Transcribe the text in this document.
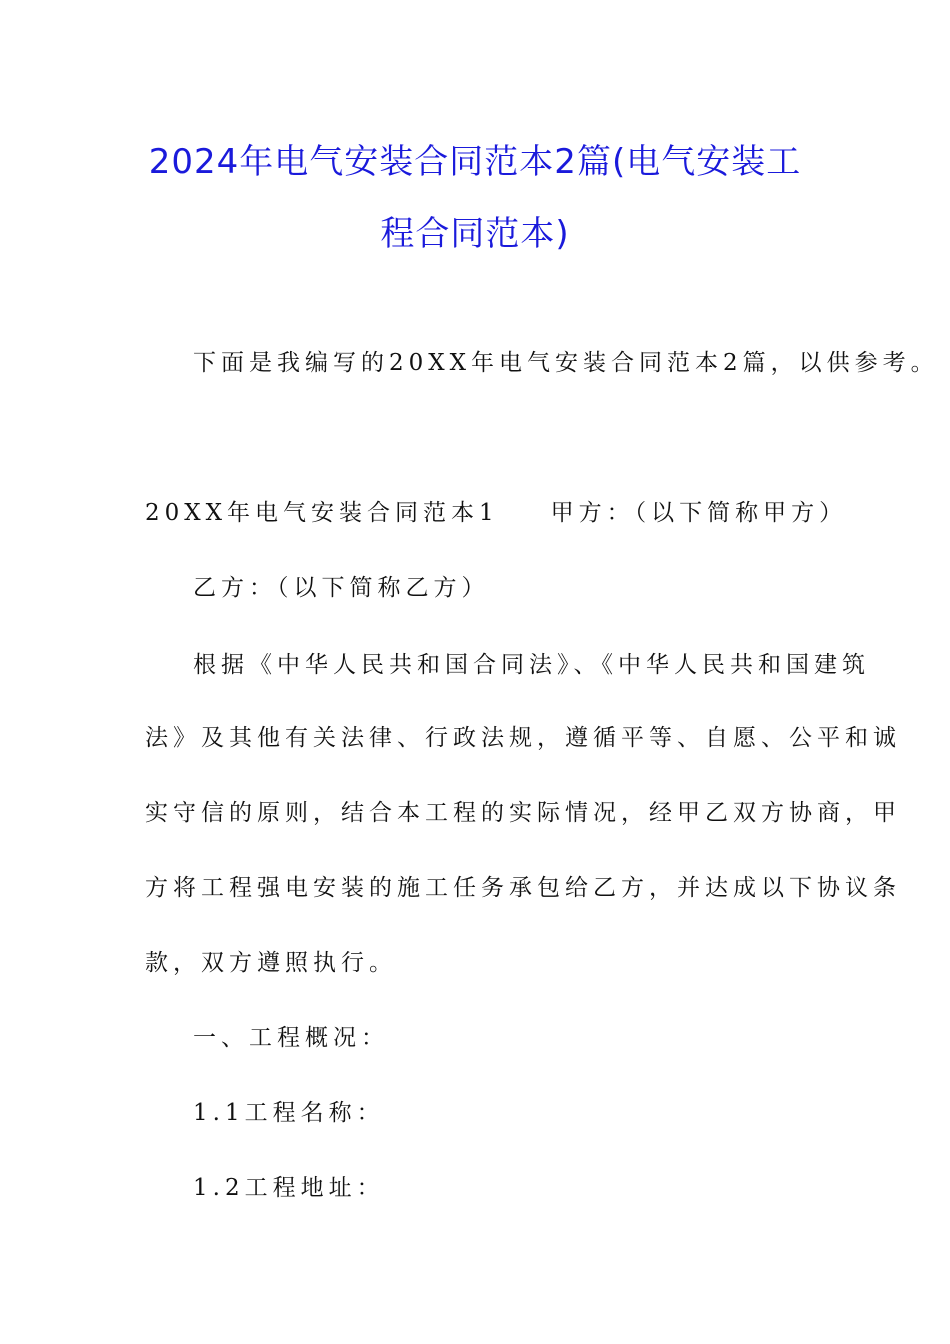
2024年电气安装合同范本2篇(电气安装工
程合同范本)
下面是我编写的20XX年电气安装合同范本2篇，以供参考。
20XX年电气安装合同范本1 甲方：（以下简称甲方）
乙方：（以下简称乙方）
根据《中华人民共和国合同法》、《中华人民共和国建筑
法》及其他有关法律、行政法规，遵循平等、自愿、公平和诚
实守信的原则，结合本工程的实际情况，经甲乙双方协商，甲
方将工程强电安装的施工任务承包给乙方，并达成以下协议条
款，双方遵照执行。
一、工程概况：
1.1工程名称：
1.2工程地址：
